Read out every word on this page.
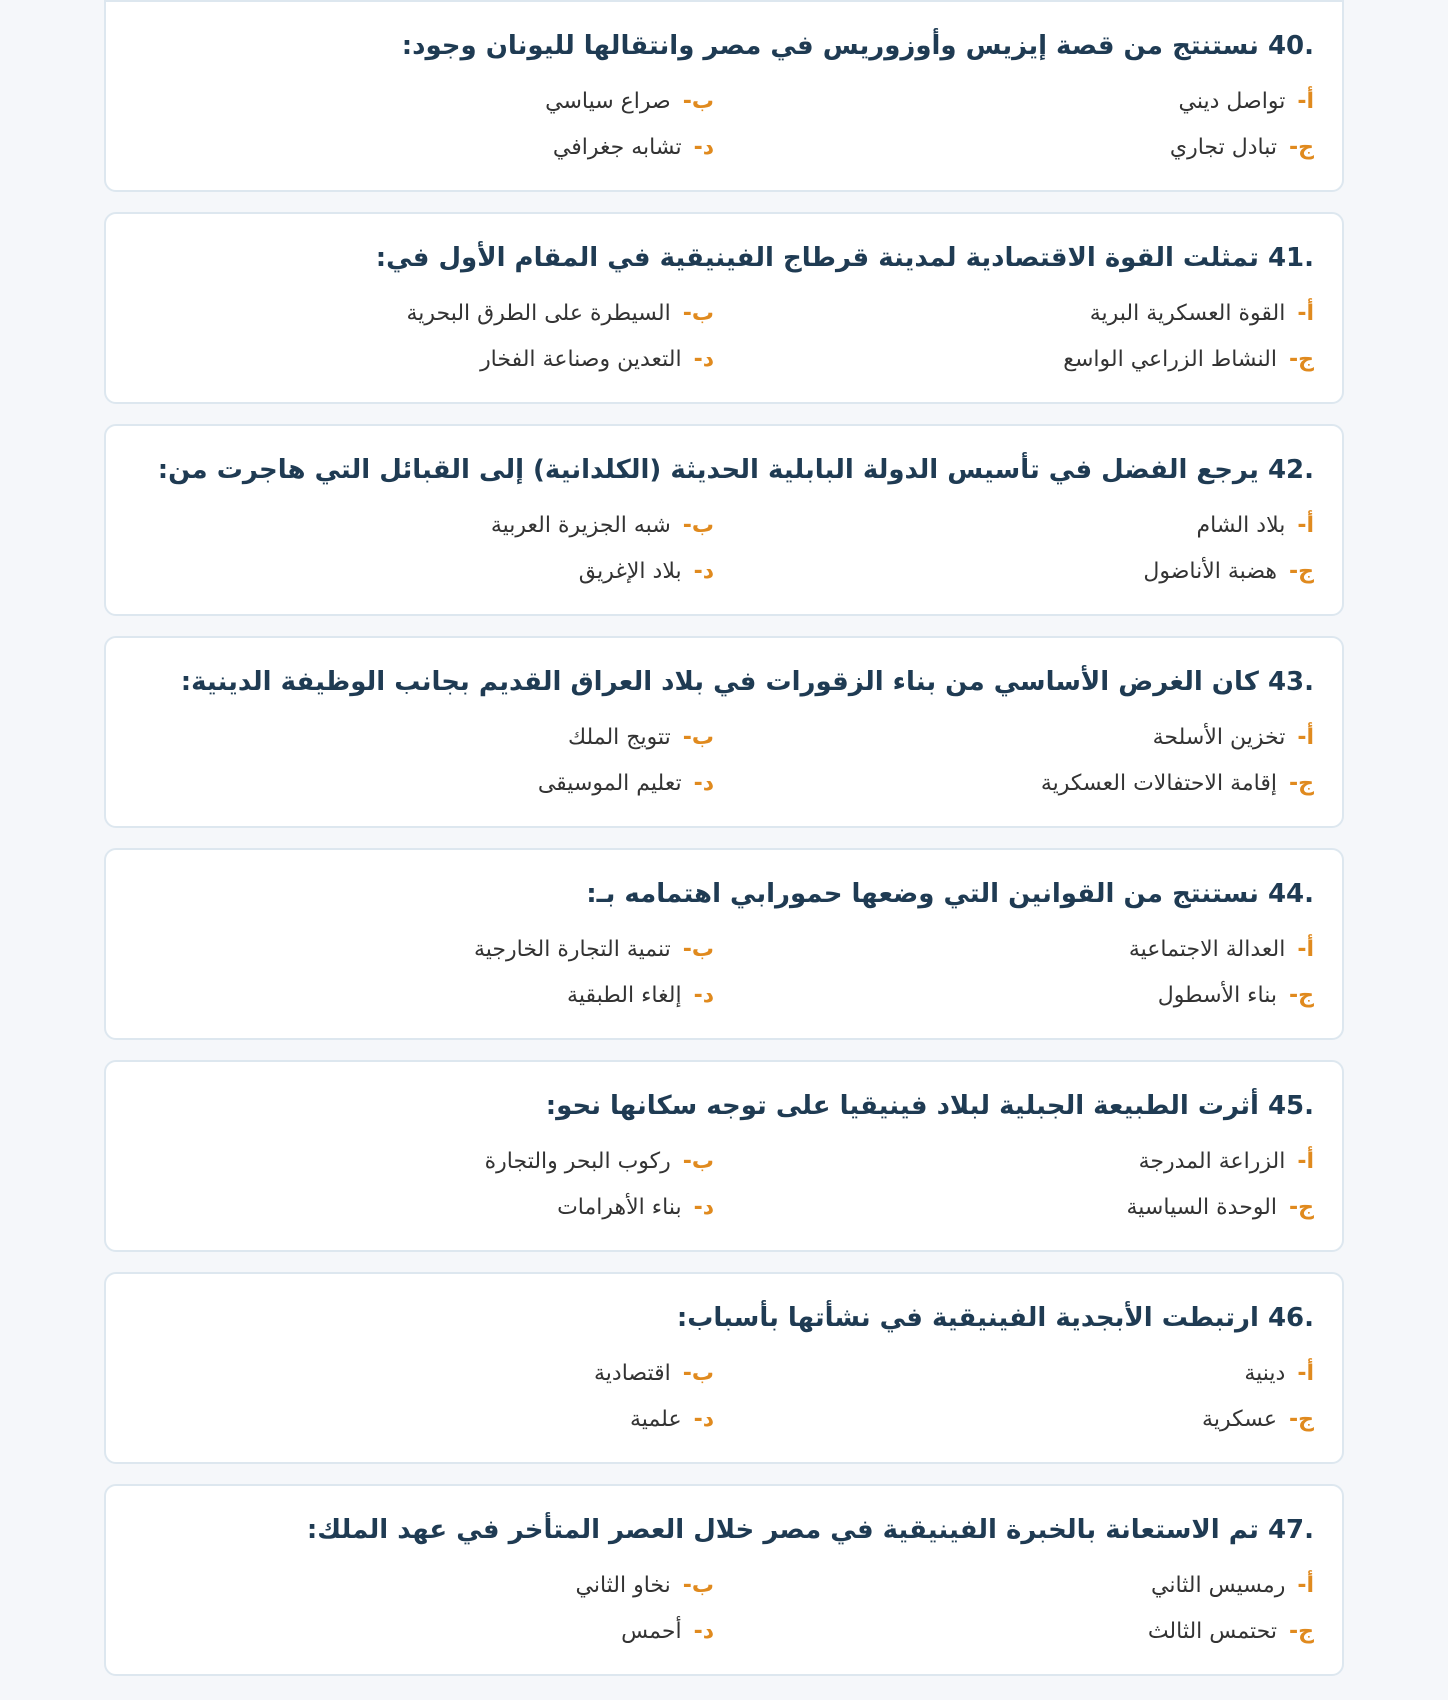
40. نستنتج من قصة إيزيس وأوزوريس في مصر وانتقالها لليونان وجود:
أ-
تواصل ديني
ب-
صراع سياسي
ج-
تبادل تجاري
د-
تشابه جغرافي
41. تمثلت القوة الاقتصادية لمدينة قرطاج الفينيقية في المقام الأول في:
أ-
القوة العسكرية البرية
ب-
السيطرة على الطرق البحرية
ج-
النشاط الزراعي الواسع
د-
التعدين وصناعة الفخار
42. يرجع الفضل في تأسيس الدولة البابلية الحديثة (الكلدانية) إلى القبائل التي هاجرت من:
أ-
بلاد الشام
ب-
شبه الجزيرة العربية
ج-
هضبة الأناضول
د-
بلاد الإغريق
43. كان الغرض الأساسي من بناء الزقورات في بلاد العراق القديم بجانب الوظيفة الدينية:
أ-
تخزين الأسلحة
ب-
تتويج الملك
ج-
إقامة الاحتفالات العسكرية
د-
تعليم الموسيقى
44. نستنتج من القوانين التي وضعها حمورابي اهتمامه بـ:
أ-
العدالة الاجتماعية
ب-
تنمية التجارة الخارجية
ج-
بناء الأسطول
د-
إلغاء الطبقية
45. أثرت الطبيعة الجبلية لبلاد فينيقيا على توجه سكانها نحو:
أ-
الزراعة المدرجة
ب-
ركوب البحر والتجارة
ج-
الوحدة السياسية
د-
بناء الأهرامات
46. ارتبطت الأبجدية الفينيقية في نشأتها بأسباب:
أ-
دينية
ب-
اقتصادية
ج-
عسكرية
د-
علمية
47. تم الاستعانة بالخبرة الفينيقية في مصر خلال العصر المتأخر في عهد الملك:
أ-
رمسيس الثاني
ب-
نخاو الثاني
ج-
تحتمس الثالث
د-
أحمس
